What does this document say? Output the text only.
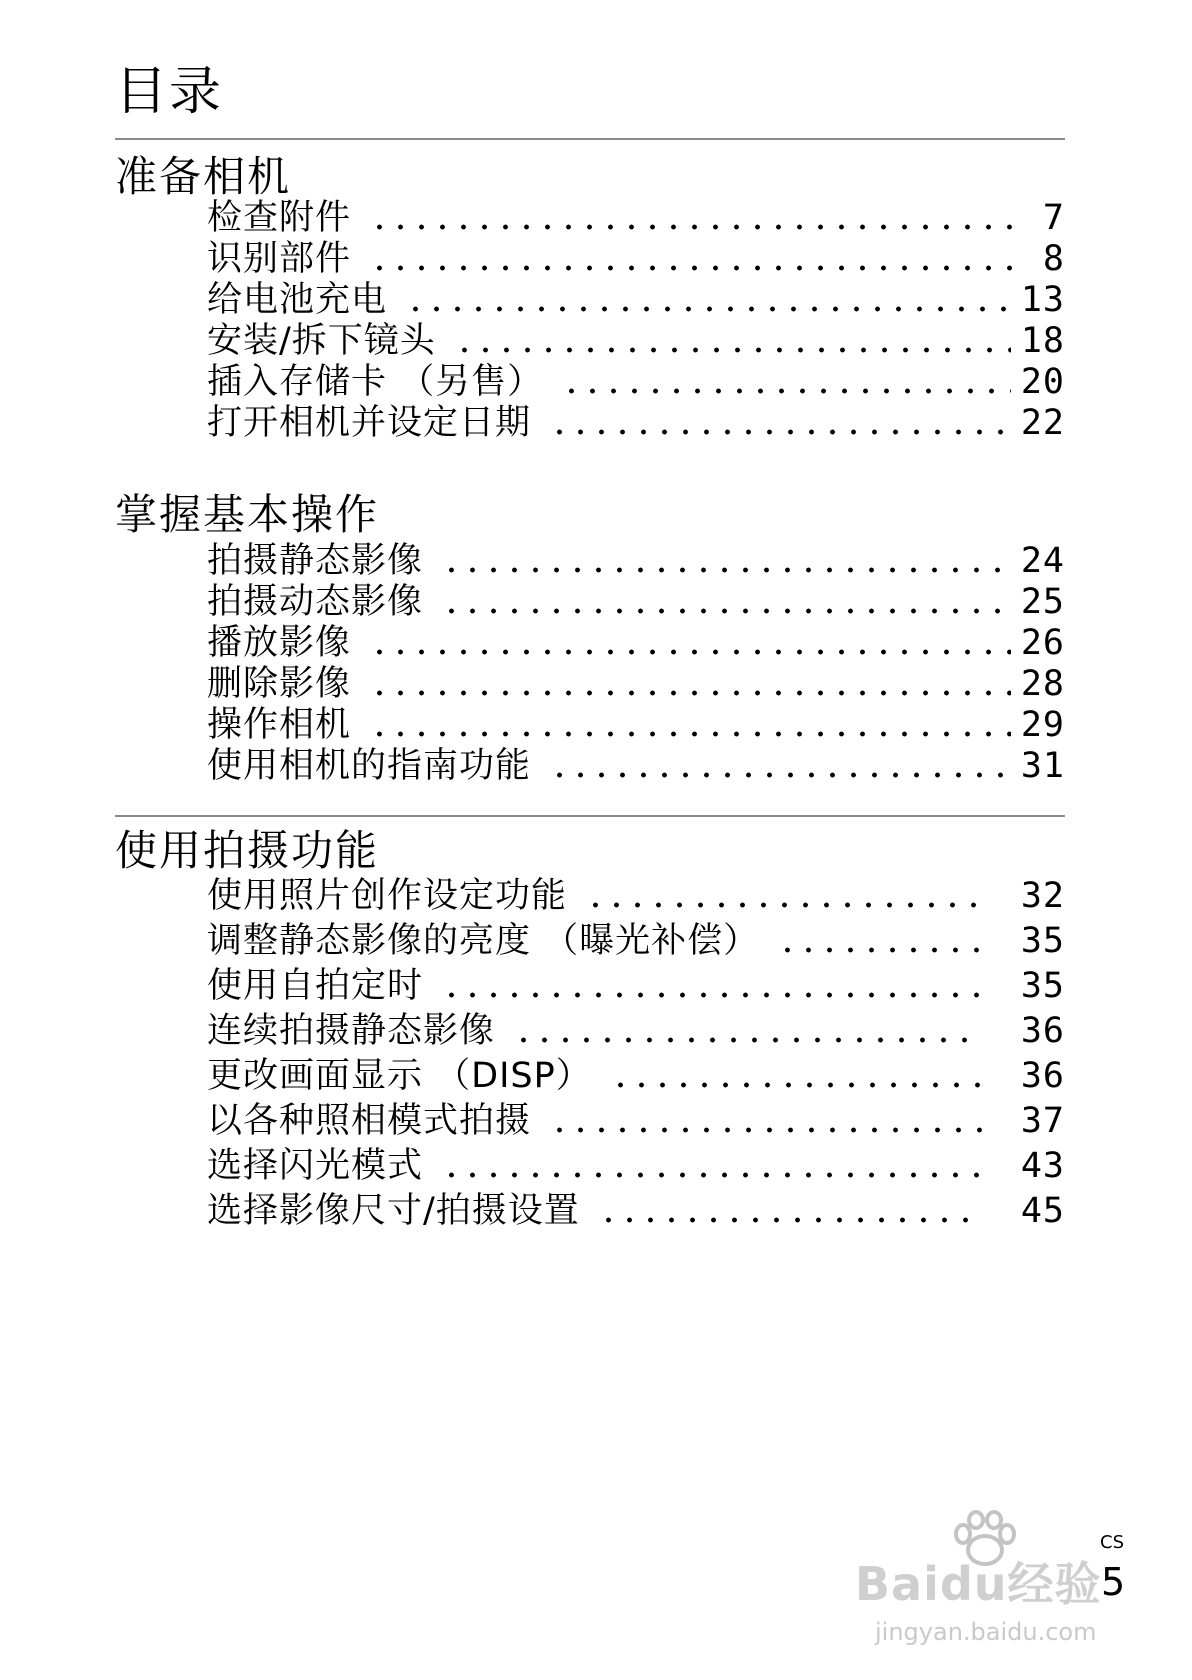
目录
准备相机
检查附件	7
识别部件	8
给电池充电	13
安装/拆下镜头	18
插入存储卡 （另售）	20
打开相机并设定日期	22
掌握基本操作
拍摄静态影像	24
拍摄动态影像	25
播放影像	26
删除影像	28
操作相机	29
使用相机的指南功能	31
使用拍摄功能
使用照片创作设定功能	32
调整静态影像的亮度 （曝光补偿）	35
使用自拍定时	35
连续拍摄静态影像	36
更改画面显示 （DISP）	36
以各种照相模式拍摄	37
选择闪光模式	43
选择影像尺寸/拍摄设置	45
Baidu经验
jingyan.baidu.com
CS
5
